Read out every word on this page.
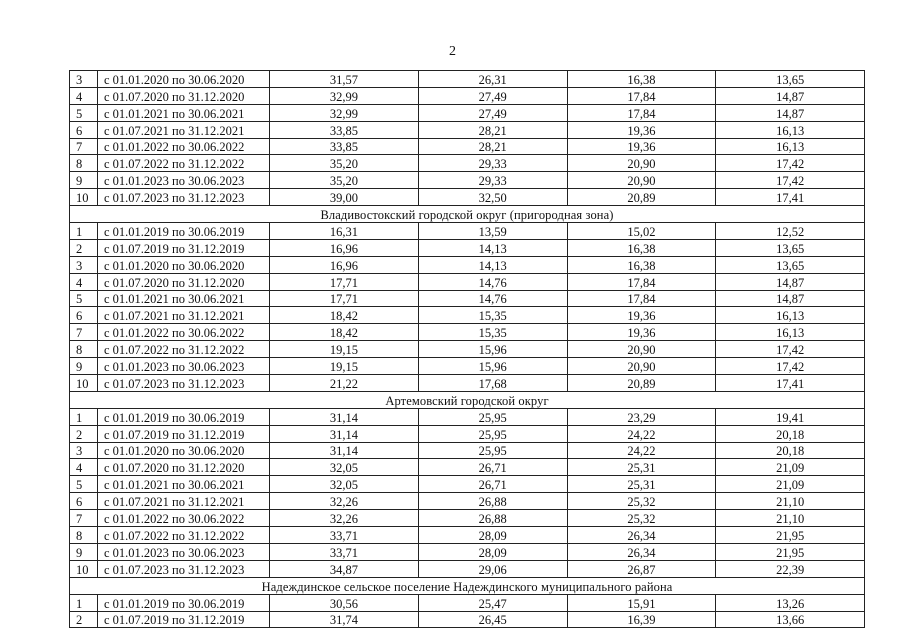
2
3	с 01.01.2020 по 30.06.2020	31,57	26,31	16,38	13,65
4	с 01.07.2020 по 31.12.2020	32,99	27,49	17,84	14,87
5	с 01.01.2021 по 30.06.2021	32,99	27,49	17,84	14,87
6	с 01.07.2021 по 31.12.2021	33,85	28,21	19,36	16,13
7	с 01.01.2022 по 30.06.2022	33,85	28,21	19,36	16,13
8	с 01.07.2022 по 31.12.2022	35,20	29,33	20,90	17,42
9	с 01.01.2023 по 30.06.2023	35,20	29,33	20,90	17,42
10	с 01.07.2023 по 31.12.2023	39,00	32,50	20,89	17,41
Владивостокский городской округ (пригородная зона)					
1	с 01.01.2019 по 30.06.2019	16,31	13,59	15,02	12,52
2	с 01.07.2019 по 31.12.2019	16,96	14,13	16,38	13,65
3	с 01.01.2020 по 30.06.2020	16,96	14,13	16,38	13,65
4	с 01.07.2020 по 31.12.2020	17,71	14,76	17,84	14,87
5	с 01.01.2021 по 30.06.2021	17,71	14,76	17,84	14,87
6	с 01.07.2021 по 31.12.2021	18,42	15,35	19,36	16,13
7	с 01.01.2022 по 30.06.2022	18,42	15,35	19,36	16,13
8	с 01.07.2022 по 31.12.2022	19,15	15,96	20,90	17,42
9	с 01.01.2023 по 30.06.2023	19,15	15,96	20,90	17,42
10	с 01.07.2023 по 31.12.2023	21,22	17,68	20,89	17,41
Артемовский городской округ					
1	с 01.01.2019 по 30.06.2019	31,14	25,95	23,29	19,41
2	с 01.07.2019 по 31.12.2019	31,14	25,95	24,22	20,18
3	с 01.01.2020 по 30.06.2020	31,14	25,95	24,22	20,18
4	с 01.07.2020 по 31.12.2020	32,05	26,71	25,31	21,09
5	с 01.01.2021 по 30.06.2021	32,05	26,71	25,31	21,09
6	с 01.07.2021 по 31.12.2021	32,26	26,88	25,32	21,10
7	с 01.01.2022 по 30.06.2022	32,26	26,88	25,32	21,10
8	с 01.07.2022 по 31.12.2022	33,71	28,09	26,34	21,95
9	с 01.01.2023 по 30.06.2023	33,71	28,09	26,34	21,95
10	с 01.07.2023 по 31.12.2023	34,87	29,06	26,87	22,39
Надеждинское сельское поселение Надеждинского муниципального района					
1	с 01.01.2019 по 30.06.2019	30,56	25,47	15,91	13,26
2	с 01.07.2019 по 31.12.2019	31,74	26,45	16,39	13,66
